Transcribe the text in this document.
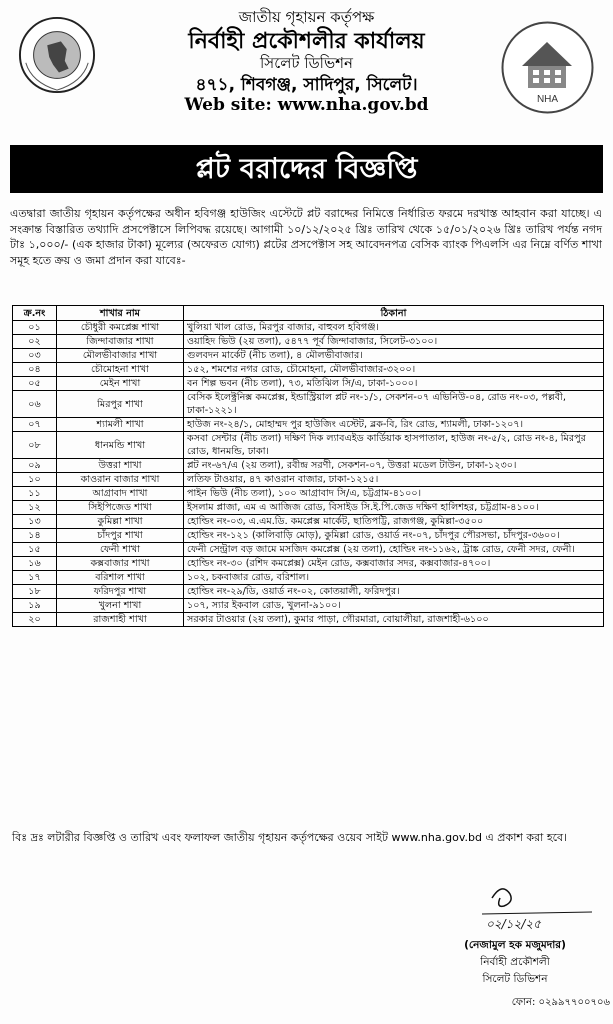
NHA
জাতীয় গৃহায়ন কর্তৃপক্ষ
নির্বাহী প্রকৌশলীর কার্যালয়
সিলেট ডিভিশন
৪৭১, শিবগঞ্জ, সাদিপুর, সিলেট।
Web site: www.nha.gov.bd
প্লট বরাদ্দের বিজ্ঞপ্তি
এতদ্বারা জাতীয় গৃহায়ন কর্তৃপক্ষের অধীন হবিগঞ্জ হাউজিং এস্টেটে প্লট বরাদ্দের নিমিত্তে নির্ধারিত ফরমে দরখাস্ত আহবান করা যাচ্ছে। এ সংক্রান্ত বিস্তারিত তথ্যাদি প্রসপেক্টাসে লিপিবদ্ধ রয়েছে। আগামী ১০/১২/২০২৫ খ্রিঃ তারিখ থেকে ১৫/০১/২০২৬ খ্রিঃ তারিখ পর্যন্ত নগদ টাঃ ১,০০০/- (এক হাজার টাকা) মূল্যের (অফেরত যোগ্য) প্লটের প্রসপেক্টাস সহ আবেদনপত্র বেসিক ব্যাংক পিএলসি এর নিম্নে বর্ণিত শাখা সমূহ হতে ক্রয় ও জমা প্রদান করা যাবেঃ-
ক্র.নং	শাখার নাম	ঠিকানা
০১	চৌধুরী কমপ্লেক্স শাখা	খুলিয়া খাল রোড, মিরপুর বাজার, বাহুবল হবিগঞ্জ।
০২	জিন্দাবাজার শাখা	ওয়াহিদ ভিউ (২য় তলা), ৫৪৭৭ পূর্ব জিন্দাবাজার, সিলেট-৩১০০।
০৩	মৌলভীবাজার শাখা	গুলবদন মার্কেট (নীচ তলা), ৪ মৌলভীবাজার।
০৪	চৌমোহনা শাখা	১৫২, শমশের নগর রোড, চৌমোহনা, মৌলভীবাজার-৩২০০।
০৫	মেইন শাখা	বন শিল্প ভবন (নীচ তলা), ৭৩, মতিঝিল সি/এ, ঢাকা-১০০০।
০৬	মিরপুর শাখা	বেসিক ইলেক্ট্রনিক্স কমপ্লেক্স, ইন্ডাস্ট্রিয়াল প্লট নং-১/১, সেকশন-০৭ এভিনিউ-০৪, রোড নং-০৩, পল্লবী, ঢাকা-১২২১।
০৭	শ্যামলী শাখা	হাউজ নং-২৪/১, মোহাম্মদ পুর হাউজিং এস্টেট, ব্লক-বি, রিং রোড, শ্যামলী, ঢাকা-১২০৭।
০৮	ধানমন্ডি শাখা	কসবা সেন্টার (নীচ তলা) দক্ষিণ দিক ল্যাবএইড কার্ডিয়াক হাসপাতাল, হাউজ নং-৫/২, রোড নং-৪, মিরপুর রোড, ধানমন্ডি, ঢাকা।
০৯	উত্তরা শাখা	প্লট নং-৬৭/এ (২য় তলা), রবীন্দ্র সরণী, সেকশন-০৭, উত্তরা মডেল টাউন, ঢাকা-১২৩০।
১০	কাওরান বাজার শাখা	লতিফ টাওয়ার, ৪৭ কাওরান বাজার, ঢাকা-১২১৫।
১১	আগ্রাবাদ শাখা	পাইন ভিউ (নীচ তলা), ১০০ আগ্রাবাদ সি/এ, চট্টগ্রাম-৪১০০।
১২	সিইপিজেড শাখা	ইসলাম প্লাজা, এম এ আজিজ রোড, বিসাইড সি.ই.পি.জেড দক্ষিণ হালিশহর, চট্টগ্রাম-৪১০০।
১৩	কুমিল্লা শাখা	হোল্ডিং নং-০৩, এ.এম.ডি. কমপ্লেক্স মার্কেট, ছাতিপট্টি, রাজগঞ্জ, কুমিল্লা-৩৫০০
১৪	চাঁদপুর শাখা	হোল্ডিং নং-১২১ (কালিবাড়ি মোড়), কুমিল্লা রোড, ওয়ার্ড নং-০৭, চাঁদপুর পৌরসভা, চাঁদপুর-৩৬০০।
১৫	ফেনী শাখা	ফেনী সেন্ট্রাল বড় জামে মসজিদ কমপ্লেক্স (২য় তলা), হোল্ডিং নং-১১৬২, ট্রাঙ্ক রোড, ফেনী সদর, ফেনী।
১৬	কক্সবাজার শাখা	হোল্ডিং নং-৩০ (রশিদ কমপ্লেক্স) মেইন রোড, কক্সবাজার সদর, কক্সবাজার-৪৭০০।
১৭	বরিশাল শাখা	১০২, চকবাজার রোড, বরিশাল।
১৮	ফরিদপুর শাখা	হোল্ডিং নং-২৯/ডি, ওয়ার্ড নং-০২, কোতয়ালী, ফরিদপুর।
১৯	খুলনা শাখা	১০৭, স্যার ইকবাল রোড, খুলনা-৯১০০।
২০	রাজশাহী শাখা	সরকার টাওয়ার (২য় তলা), কুমার পাড়া, গৌরমারা, বোয়ালীয়া, রাজশাহী-৬১০০
বিঃ দ্রঃ লটারীর বিজ্ঞপ্তি ও তারিখ এবং ফলাফল জাতীয় গৃহায়ন কর্তৃপক্ষের ওয়েব সাইট www.nha.gov.bd এ প্রকাশ করা হবে।
০২/১২/২৫
(নেজামুল হক মজুমদার)
নির্বাহী প্রকৌশলী
সিলেট ডিভিশন
ফোন: ০২৯৯৭৭০০৭০৬
